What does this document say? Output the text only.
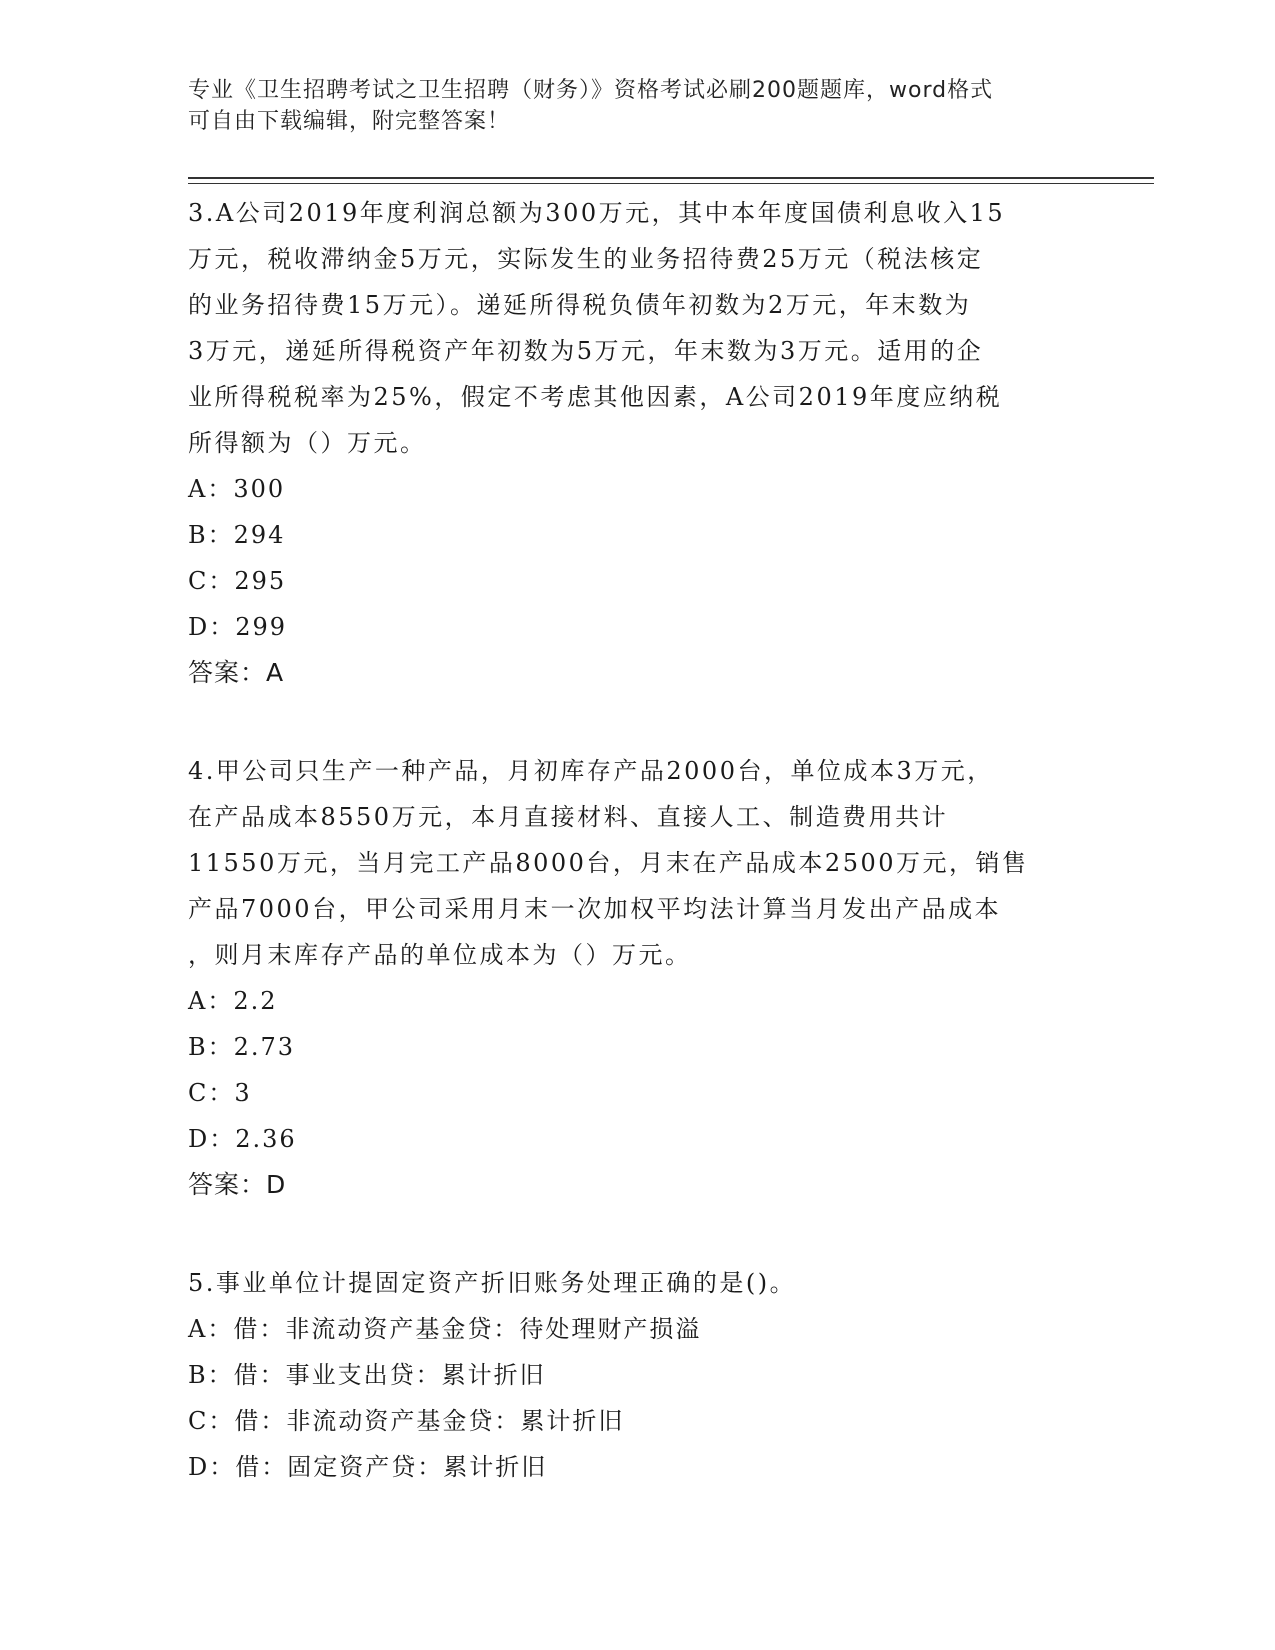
专业《卫生招聘考试之卫生招聘（财务）》资格考试必刷200题题库，word格式
可自由下载编辑，附完整答案！
3.A公司2019年度利润总额为300万元，其中本年度国债利息收入15
万元，税收滞纳金5万元，实际发生的业务招待费25万元（税法核定
的业务招待费15万元）。递延所得税负债年初数为2万元，年末数为
3万元，递延所得税资产年初数为5万元，年末数为3万元。适用的企
业所得税税率为25%，假定不考虑其他因素，A公司2019年度应纳税
所得额为（）万元。
A：300
B：294
C：295
D：299
答案：A
4.甲公司只生产一种产品，月初库存产品2000台，单位成本3万元，
在产品成本8550万元，本月直接材料、直接人工、制造费用共计
11550万元，当月完工产品8000台，月末在产品成本2500万元，销售
产品7000台，甲公司采用月末一次加权平均法计算当月发出产品成本
，则月末库存产品的单位成本为（）万元。
A：2.2
B：2.73
C：3
D：2.36
答案：D
5.事业单位计提固定资产折旧账务处理正确的是()。
A：借：非流动资产基金贷：待处理财产损溢
B：借：事业支出贷：累计折旧
C：借：非流动资产基金贷：累计折旧
D：借：固定资产贷：累计折旧
